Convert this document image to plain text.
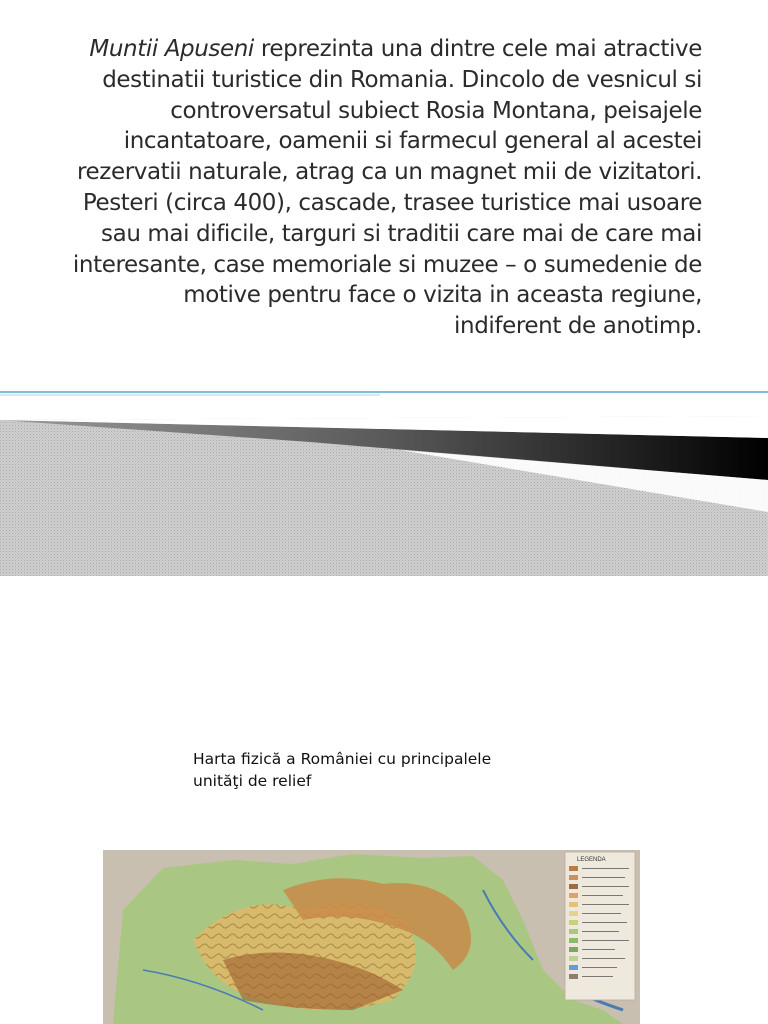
Muntii Apuseni reprezinta una dintre cele mai atractive destinatii turistice din Romania. Dincolo de vesnicul si controversatul subiect Rosia Montana, peisajele incantatoare, oamenii si farmecul general al acestei rezervatii naturale, atrag ca un magnet mii de vizitatori. Pesteri (circa 400), cascade, trasee turistice mai usoare sau mai dificile, targuri si traditii care mai de care mai interesante, case memoriale si muzee – o sumedenie de motive pentru face o vizita in aceasta regiune, indiferent de anotimp.

Harta fizică a României cu principalele
unităţi de relief

LEGENDA
